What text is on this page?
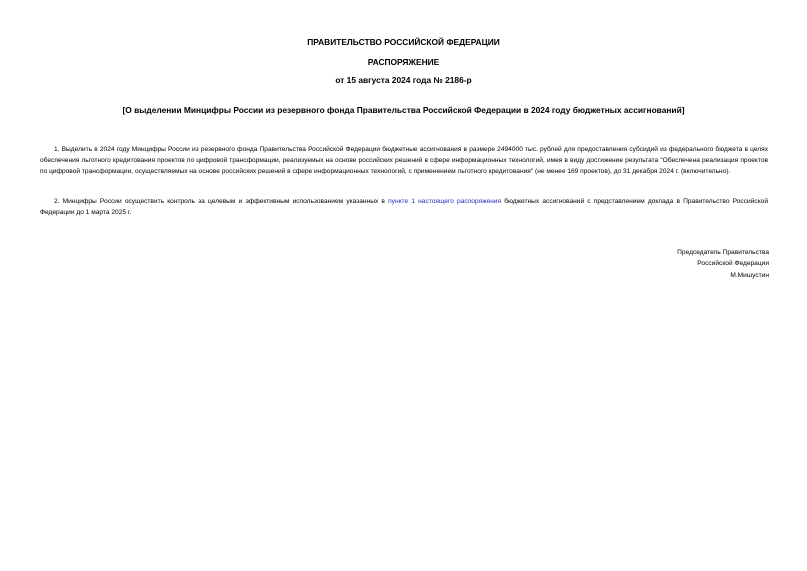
ПРАВИТЕЛЬСТВО РОССИЙСКОЙ ФЕДЕРАЦИИ
РАСПОРЯЖЕНИЕ
от 15 августа 2024 года № 2186-р
[О выделении Минцифры России из резервного фонда Правительства Российской Федерации в 2024 году бюджетных ассигнований]

1. Выделить в 2024 году Минцифры России из резервного фонда Правительства Российской Федерации бюджетные ассигнования в размере 2494000 тыс. рублей для предоставления субсидий из федерального бюджета в целях обеспечения льготного кредитования проектов по цифровой трансформации, реализуемых на основе российских решений в сфере информационных технологий, имея в виду достижение результата "Обеспечена реализация проектов по цифровой трансформации, осуществляемых на основе российских решений в сфере информационных технологий, с применением льготного кредитования" (не менее 169 проектов), до 31 декабря 2024 г. (включительно).

2. Минцифры России осуществить контроль за целевым и эффективным использованием указанных в пункте 1 настоящего распоряжения бюджетных ассигнований с представлением доклада в Правительство Российской Федерации до 1 марта 2025 г.

Председатель Правительства
Российской Федерации
М.Мишустин
